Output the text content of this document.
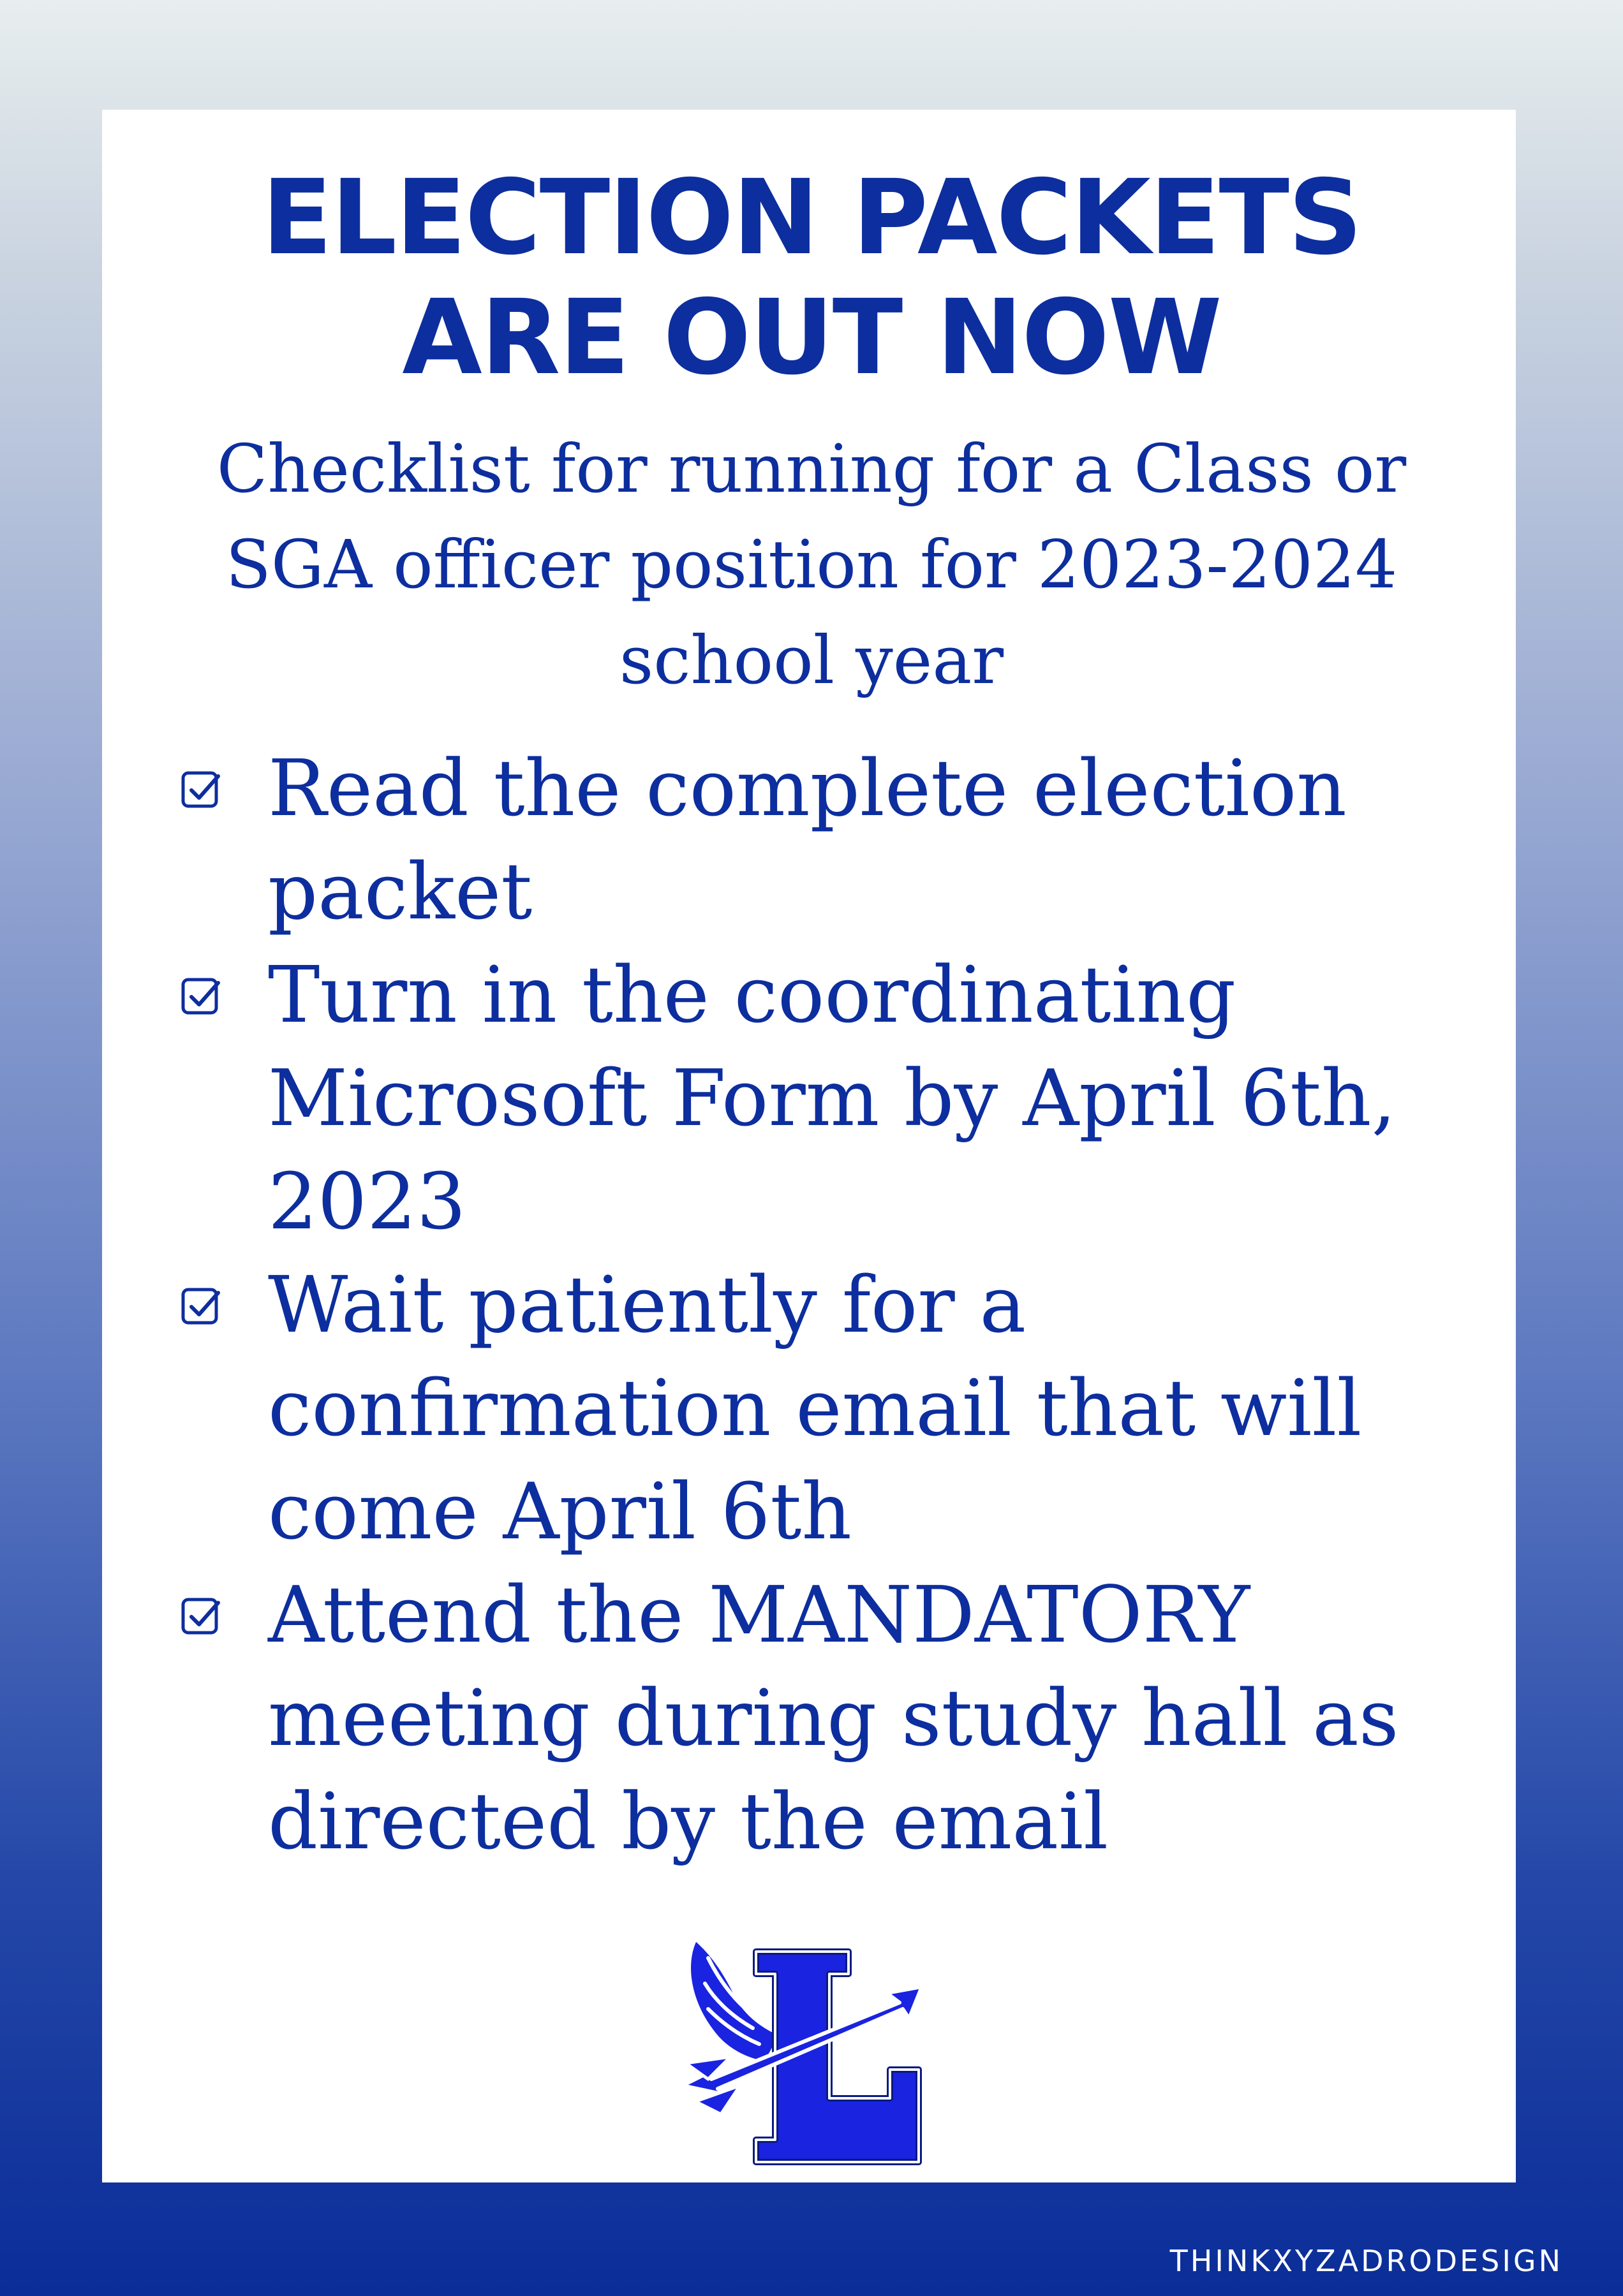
ELECTION PACKETS
ARE OUT NOW
Checklist for running for a Class or
SGA officer position for 2023-2024
school year
Read the complete election
packet
Turn in the coordinating
Microsoft Form by April 6th,
2023
Wait patiently for a
confirmation email that will
come April 6th
Attend the MANDATORY
meeting during study hall as
directed by the email
THINKXYZADRODESIGN
